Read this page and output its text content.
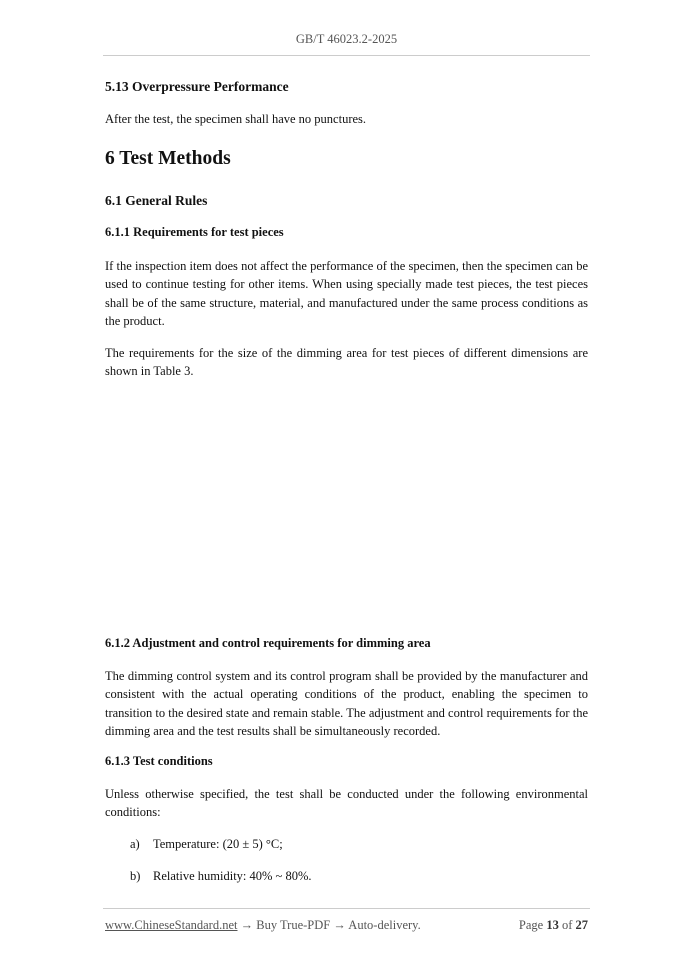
GB/T 46023.2-2025
5.13 Overpressure Performance
After the test, the specimen shall have no punctures.
6 Test Methods
6.1 General Rules
6.1.1 Requirements for test pieces
If the inspection item does not affect the performance of the specimen, then the specimen can be used to continue testing for other items. When using specially made test pieces, the test pieces shall be of the same structure, material, and manufactured under the same process conditions as the product.
The requirements for the size of the dimming area for test pieces of different dimensions are shown in Table 3.
6.1.2 Adjustment and control requirements for dimming area
The dimming control system and its control program shall be provided by the manufacturer and consistent with the actual operating conditions of the product, enabling the specimen to transition to the desired state and remain stable. The adjustment and control requirements for the dimming area and the test results shall be simultaneously recorded.
6.1.3 Test conditions
Unless otherwise specified, the test shall be conducted under the following environmental conditions:
a) Temperature: (20 ± 5) °C;
b) Relative humidity: 40% ~ 80%.
www.ChineseStandard.net → Buy True-PDF → Auto-delivery.	Page 13 of 27
